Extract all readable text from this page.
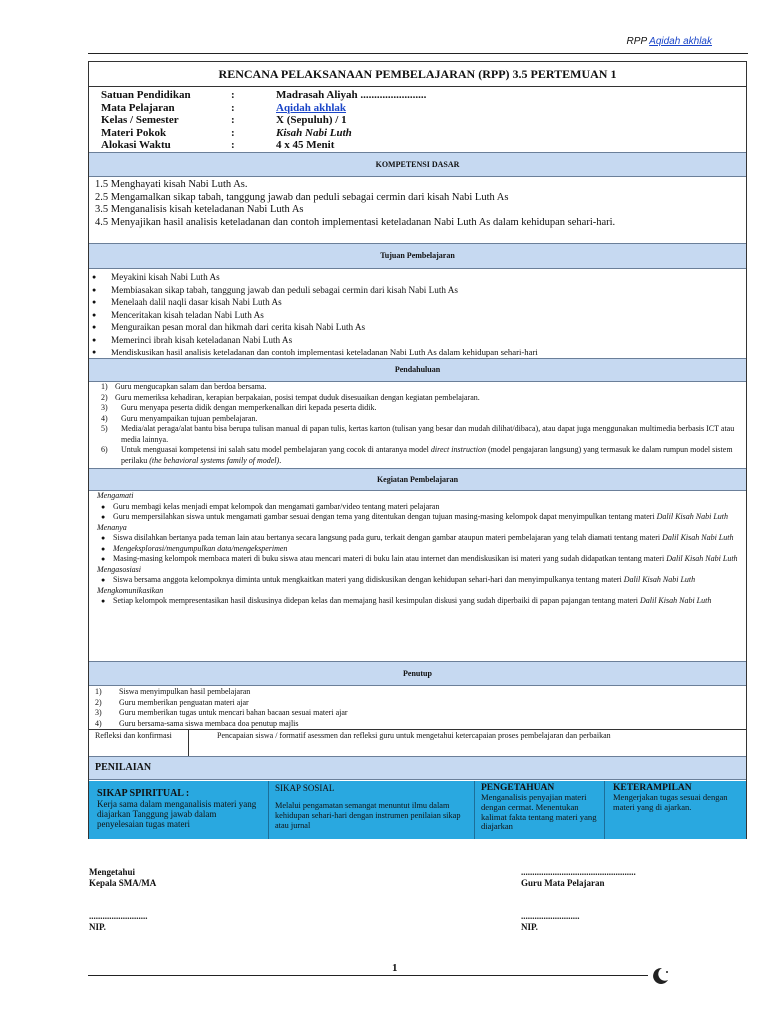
RPP Aqidah akhlak
RENCANA PELAKSANAAN PEMBELAJARAN (RPP) 3.5 PERTEMUAN 1
Satuan Pendidikan	:	Madrasah Aliyah ........................
Mata Pelajaran	:	Aqidah akhlak
Kelas / Semester	:	X (Sepuluh) / 1
Materi Pokok	:	Kisah Nabi Luth
Alokasi Waktu	:	4 x 45 Menit
KOMPETENSI DASAR
1.5 Menghayati kisah Nabi Luth As.
2.5 Mengamalkan sikap tabah, tanggung jawab dan peduli sebagai cermin dari kisah Nabi Luth As
3.5 Menganalisis kisah keteladanan Nabi Luth As
4.5 Menyajikan hasil analisis keteladanan dan contoh implementasi keteladanan Nabi Luth As dalam kehidupan sehari-hari.
Tujuan Pembelajaran
● Meyakini kisah Nabi Luth As
● Membiasakan sikap tabah, tanggung jawab dan peduli sebagai cermin dari kisah Nabi Luth As
● Menelaah dalil naqli dasar kisah Nabi Luth As
● Menceritakan kisah teladan Nabi Luth As
● Menguraikan pesan moral dan hikmah dari cerita kisah Nabi Luth As
● Memerinci ibrah kisah keteladanan Nabi Luth As
● Mendiskusikan hasil analisis keteladanan dan contoh implementasi keteladanan Nabi Luth As dalam kehidupan sehari-hari
Pendahuluan
1) Guru mengucapkan salam dan berdoa bersama.
2) Guru memeriksa kehadiran, kerapian berpakaian, posisi tempat duduk disesuaikan dengan kegiatan pembelajaran.
3)	Guru menyapa peserta didik dengan memperkenalkan diri kepada peserta didik.
4)	Guru menyampaikan tujuan pembelajaran.
5)	Media/alat peraga/alat bantu bisa berupa tulisan manual di papan tulis, kertas karton (tulisan yang besar dan mudah dilihat/dibaca), atau dapat juga menggunakan multimedia berbasis ICT atau media lainnya.
6)	Untuk menguasai kompetensi ini salah satu model pembelajaran yang cocok di antaranya model direct instruction (model pengajaran langsung) yang termasuk ke dalam rumpun model sistem perilaku (the behavioral systems family of model).
Kegiatan Pembelajaran
Mengamati
● Guru membagi kelas menjadi empat kelompok dan mengamati gambar/video tentang materi pelajaran
● Guru mempersilahkan siswa untuk mengamati gambar sesuai dengan tema yang ditentukan dengan tujuan masing-masing kelompok dapat menyimpulkan tentang materi Dalil Kisah Nabi Luth
Menanya
● Siswa disilahkan bertanya pada teman lain atau bertanya secara langsung pada guru, terkait dengan gambar ataupun materi pembelajaran yang telah diamati tentang materi Dalil Kisah Nabi Luth
● Mengeksplorasi/mengumpulkan data/mengeksperimen
● Masing-masing kelompok membaca materi di buku siswa atau mencari materi di buku lain atau internet dan mendiskusikan isi materi yang sudah didapatkan tentang materi Dalil Kisah Nabi Luth
Mengasosiasi
● Siswa bersama anggota kelompoknya diminta untuk mengkaitkan materi yang didiskusikan dengan kehidupan sehari-hari dan menyimpulkanya tentang materi Dalil Kisah Nabi Luth
Mengkomunikasikan
● Setiap kelompok mempresentasikan hasil diskusinya didepan kelas dan memajang hasil kesimpulan diskusi yang sudah diperbaiki di papan pajangan tentang materi Dalil Kisah Nabi Luth
Penutup
1)	Siswa menyimpulkan hasil pembelajaran
2)	Guru memberikan penguatan materi ajar
3)	Guru memberikan tugas untuk mencari bahan bacaan sesuai materi ajar
4)	Guru bersama-sama siswa membaca doa penutup majlis
Refleksi dan konfirmasi	Pencapaian siswa / formatif asessmen dan refleksi guru untuk mengetahui ketercapaian proses pembelajaran dan perbaikan
PENILAIAN
SIKAP SPIRITUAL :
Kerja sama dalam menganalisis materi yang diajarkan Tanggung jawab dalam penyelesaian tugas materi
SIKAP SOSIAL
Melalui pengamatan semangat menuntut ilmu dalam kehidupan sehari-hari dengan instrumen penilaian sikap atau jurnal
PENGETAHUAN
Menganalisis penyajian materi dengan cermat. Menentukan kalimat fakta tentang materi yang diajarkan
KETERAMPILAN
Mengerjakan tugas sesuai dengan materi yang di ajarkan.
Mengetahui
Kepala SMA/MA
..........................
NIP.
...................................................
Guru Mata Pelajaran
..........................
NIP.
1
